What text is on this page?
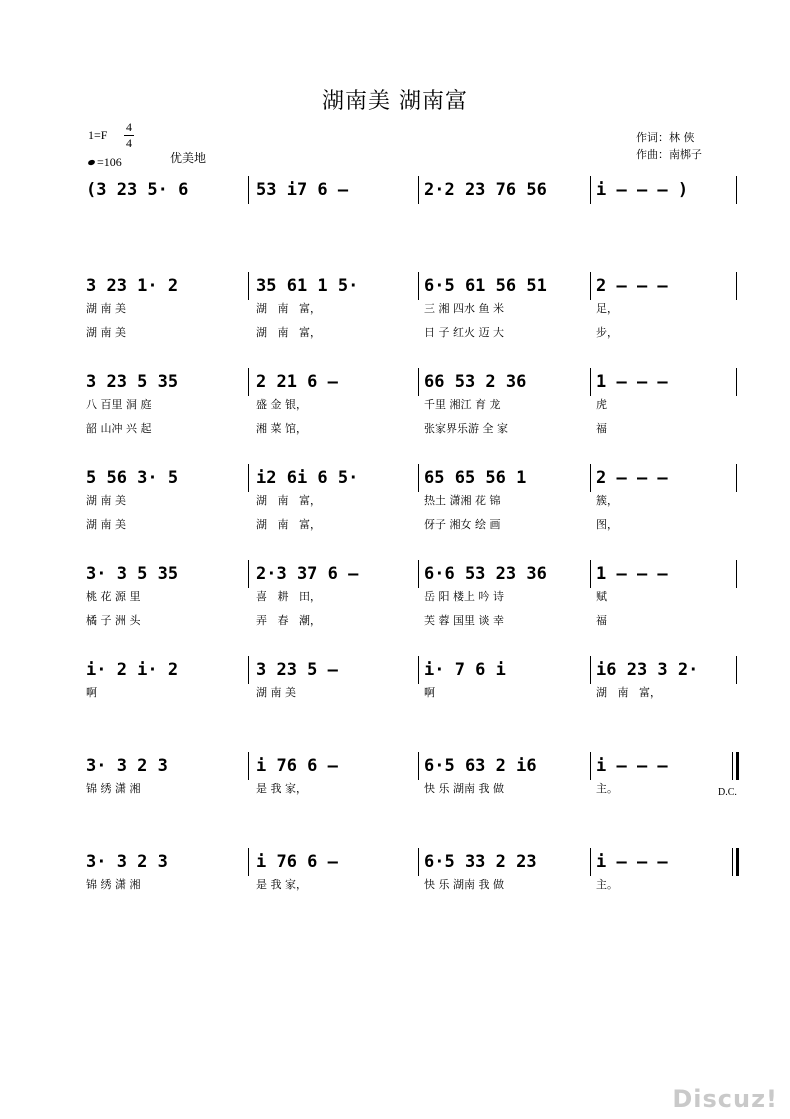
湖南美 湖南富
1=F
4
4
=106	优美地
作词：林 俠
作曲：南梆子
(3 23 5· 6	53 i7 6 –	2·2 23 76 56	i – – – )
3 23 1· 2	35 61 1 5·	6·5 61 56 51	2 – – –
湖 南 美	湖   南   富，	三 湘 四水 鱼 米	足，
湖 南 美	湖   南   富，	日 子 红火 迈 大	步，
3 23 5 35	2 21 6 –	66 53 2 36	1 – – –
八 百里 洞 庭	盛 金 银，	千里 湘江 育 龙	虎
韶 山冲 兴 起	湘 菜 馆，	张家界乐游 全 家	福
5 56 3· 5	i2 6i 6 5·	65 65 56 1	2 – – –
湖 南 美	湖   南   富，	热土 潇湘 花 锦	簇，
湖 南 美	湖   南   富，	伢子 湘女 绘 画	图，
3· 3 5 35	2·3 37 6 –	6·6 53 23 36	1 – – –
桃 花 源 里	喜   耕   田，	岳 阳 楼上 吟 诗	赋
橘 子 洲 头	弄   春   潮，	芙 蓉 国里 谈 幸	福
i· 2 i· 2	3 23 5 –	i· 7 6 i	i6 23 3 2·
啊	湖 南 美	啊	湖   南   富，
3· 3 2 3	i 76 6 –	6·5 63 2 i6	i – – –
锦 绣 潇 湘	是 我 家，	快 乐 湖南 我 做	主。
3· 3 2 3	i 76 6 –	6·5 33 2 23	i – – –
锦 绣 潇 湘	是 我 家，	快 乐 湖南 我 做	主。
D.C.
Discuz!
